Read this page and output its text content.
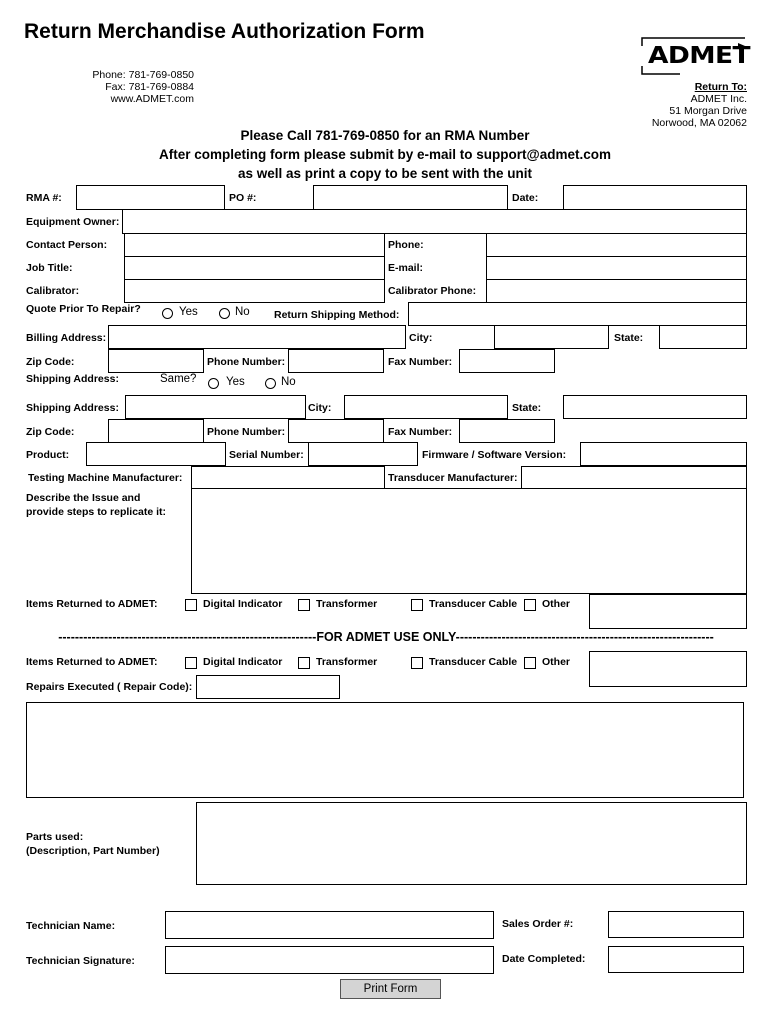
Return Merchandise Authorization Form
Phone: 781-769-0850
Fax: 781-769-0884
www.ADMET.com
ADMET
Return To:
ADMET Inc.
51 Morgan Drive
Norwood, MA 02062
Please Call 781-769-0850 for an RMA Number
After completing form please submit by e-mail to support@admet.com
as well as print a copy to be sent with the unit
RMA #:	PO #:	Date:
Equipment Owner:
Contact Person:	Phone:
Job Title:	E-mail:
Calibrator:	Calibrator Phone:
Quote Prior To Repair?	Yes	No Return Shipping Method:
Billing Address:	City:	State:
Zip Code:	Phone Number:	Fax Number:
Shipping Address:	Same?	Yes	No
Shipping Address:	City:	State:
Zip Code:	Phone Number:	Fax Number:
Product:	Serial Number:	Firmware / Software Version:
Testing Machine Manufacturer:	Transducer Manufacturer:
Describe the Issue and
provide steps to replicate it:
Items Returned to ADMET:	Digital Indicator	Transformer	Transducer Cable Other
--------------------------------------------------------------FOR ADMET USE ONLY--------------------------------------------------------------
Items Returned to ADMET:	Digital Indicator	Transformer	Transducer Cable Other
Repairs Executed ( Repair Code):
Parts used:
(Description, Part Number)
Technician Name:	Sales Order #:
Technician Signature:	Date Completed:
Print Form
